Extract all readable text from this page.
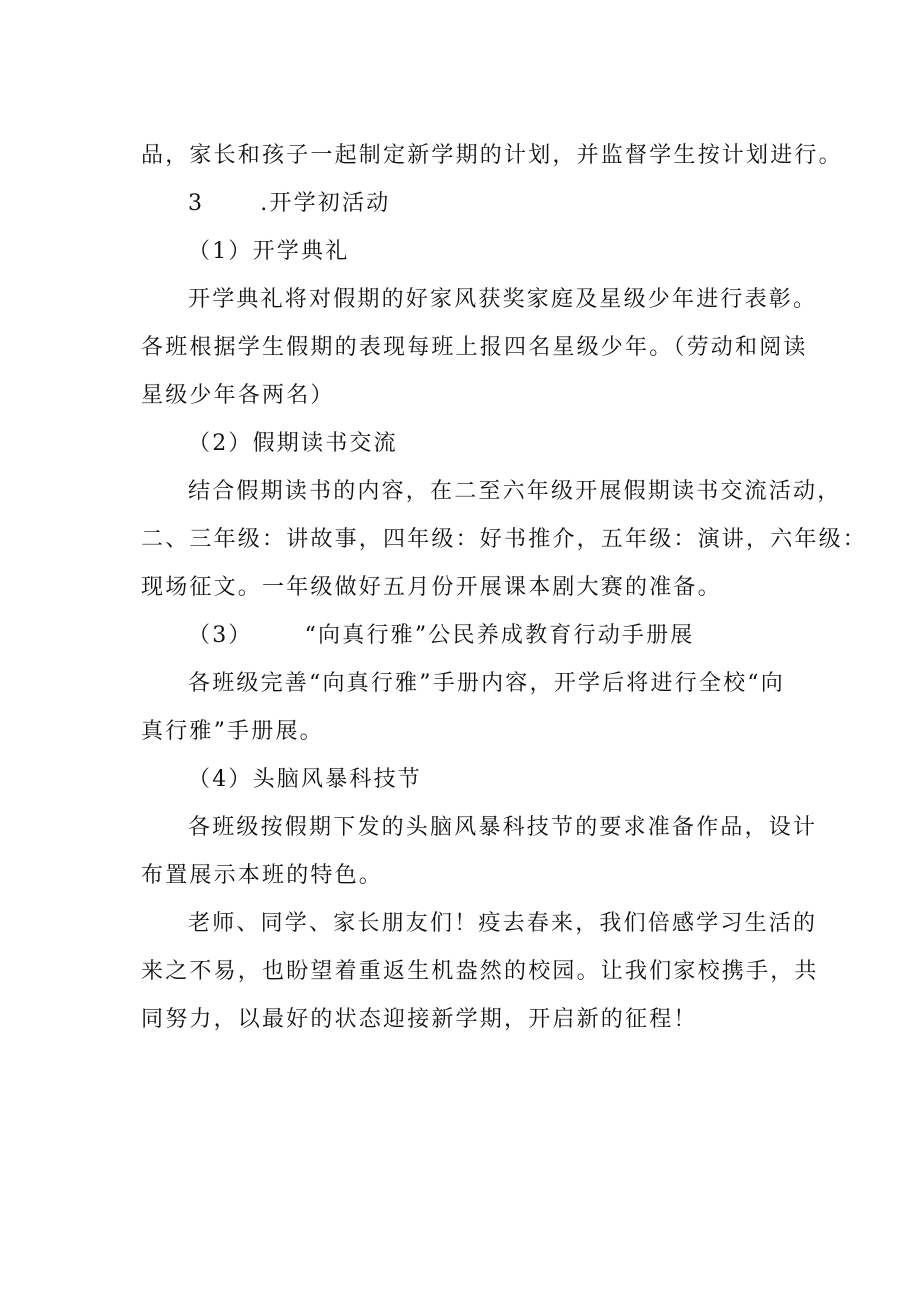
品，家长和孩子一起制定新学期的计划，并监督学生按计划进行。
3	.开学初活动
（1）开学典礼
开学典礼将对假期的好家风获奖家庭及星级少年进行表彰。
各班根据学生假期的表现每班上报四名星级少年。（劳动和阅读
星级少年各两名）
（2）假期读书交流
结合假期读书的内容，在二至六年级开展假期读书交流活动，
二、三年级：讲故事，四年级：好书推介，五年级：演讲，六年级：
现场征文。一年级做好五月份开展课本剧大赛的准备。
（3） “向真行雅”公民养成教育行动手册展
各班级完善“向真行雅”手册内容，开学后将进行全校“向
真行雅”手册展。
（4）头脑风暴科技节
各班级按假期下发的头脑风暴科技节的要求准备作品，设计
布置展示本班的特色。
老师、同学、家长朋友们！疫去春来，我们倍感学习生活的
来之不易，也盼望着重返生机盎然的校园。让我们家校携手，共
同努力，以最好的状态迎接新学期，开启新的征程！
